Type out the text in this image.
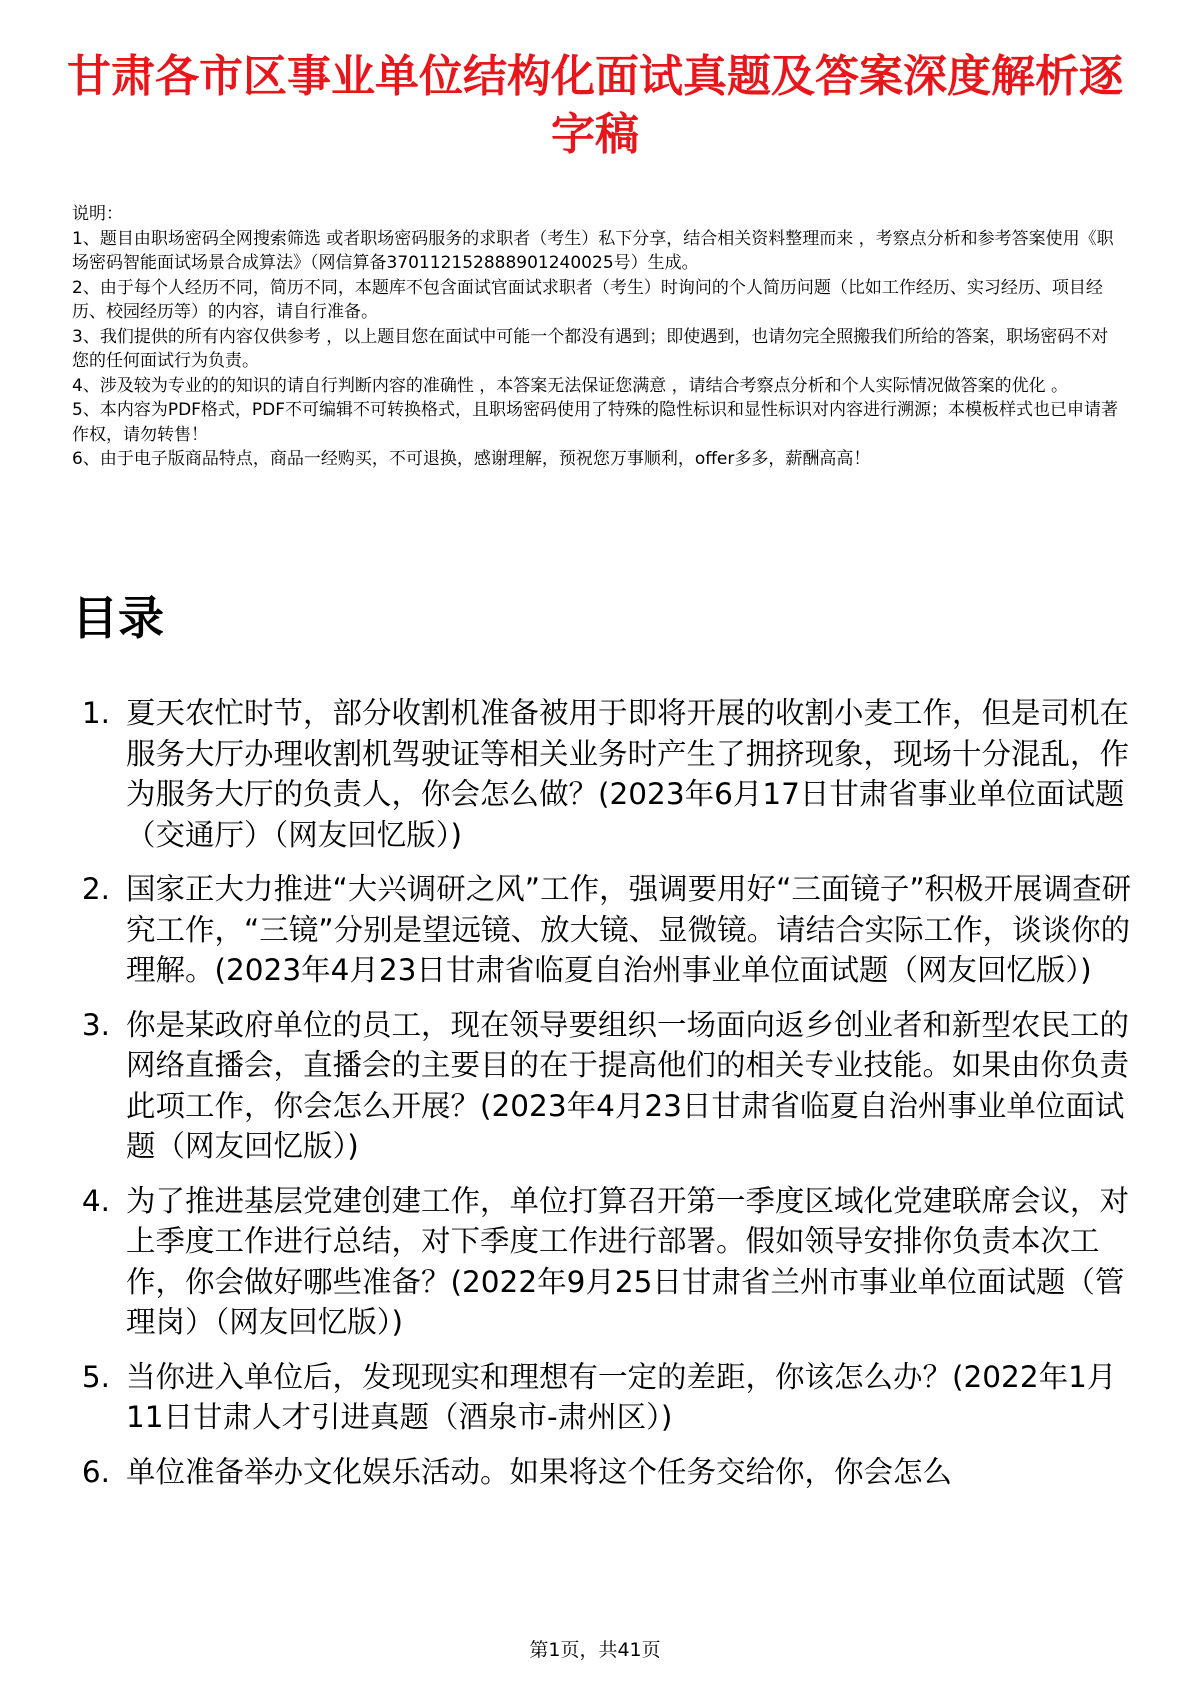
甘肃各市区事业单位结构化面试真题及答案深度解析逐字稿

说明：

1、题目由职场密码全网搜索筛选 或者职场密码服务的求职者（考生）私下分享，结合相关资料整理而来 ，考察点分析和参考答案使用《职场密码智能面试场景合成算法》（网信算备370112152888901240025号）生成。

2、由于每个人经历不同，简历不同，本题库不包含面试官面试求职者（考生）时询问的个人简历问题（比如工作经历、实习经历、项目经历、校园经历等）的内容，请自行准备。

3、我们提供的所有内容仅供参考 ，以上题目您在面试中可能一个都没有遇到；即使遇到，也请勿完全照搬我们所给的答案，职场密码不对您的任何面试行为负责。

4、涉及较为专业的的知识的请自行判断内容的准确性 ，本答案无法保证您满意 ，请结合考察点分析和个人实际情况做答案的优化 。

5、本内容为PDF格式，PDF不可编辑不可转换格式，且职场密码使用了特殊的隐性标识和显性标识对内容进行溯源；本模板样式也已申请著作权，请勿转售！

6、由于电子版商品特点，商品一经购买，不可退换，感谢理解，预祝您万事顺利，offer多多，薪酬高高！

目录
1. 夏天农忙时节，部分收割机准备被用于即将开展的收割小麦工作，但是司机在服务大厅办理收割机驾驶证等相关业务时产生了拥挤现象，现场十分混乱，作为服务大厅的负责人，你会怎么做？(2023年6月17日甘肃省事业单位面试题（交通厅）（网友回忆版）)
2. 国家正大力推进“大兴调研之风”工作，强调要用好“三面镜子”积极开展调查研究工作，“三镜”分别是望远镜、放大镜、显微镜。请结合实际工作，谈谈你的理解。(2023年4月23日甘肃省临夏自治州事业单位面试题（网友回忆版）)
3. 你是某政府单位的员工，现在领导要组织一场面向返乡创业者和新型农民工的网络直播会，直播会的主要目的在于提高他们的相关专业技能。如果由你负责此项工作，你会怎么开展？(2023年4月23日甘肃省临夏自治州事业单位面试题（网友回忆版）)
4. 为了推进基层党建创建工作，单位打算召开第一季度区域化党建联席会议，对上季度工作进行总结，对下季度工作进行部署。假如领导安排你负责本次工作，你会做好哪些准备？(2022年9月25日甘肃省兰州市事业单位面试题（管理岗）（网友回忆版）)
5. 当你进入单位后，发现现实和理想有一定的差距，你该怎么办？(2022年1月11日甘肃人才引进真题（酒泉市-肃州区）)
6. 单位准备举办文化娱乐活动。如果将这个任务交给你，你会怎么
第1页，共41页
